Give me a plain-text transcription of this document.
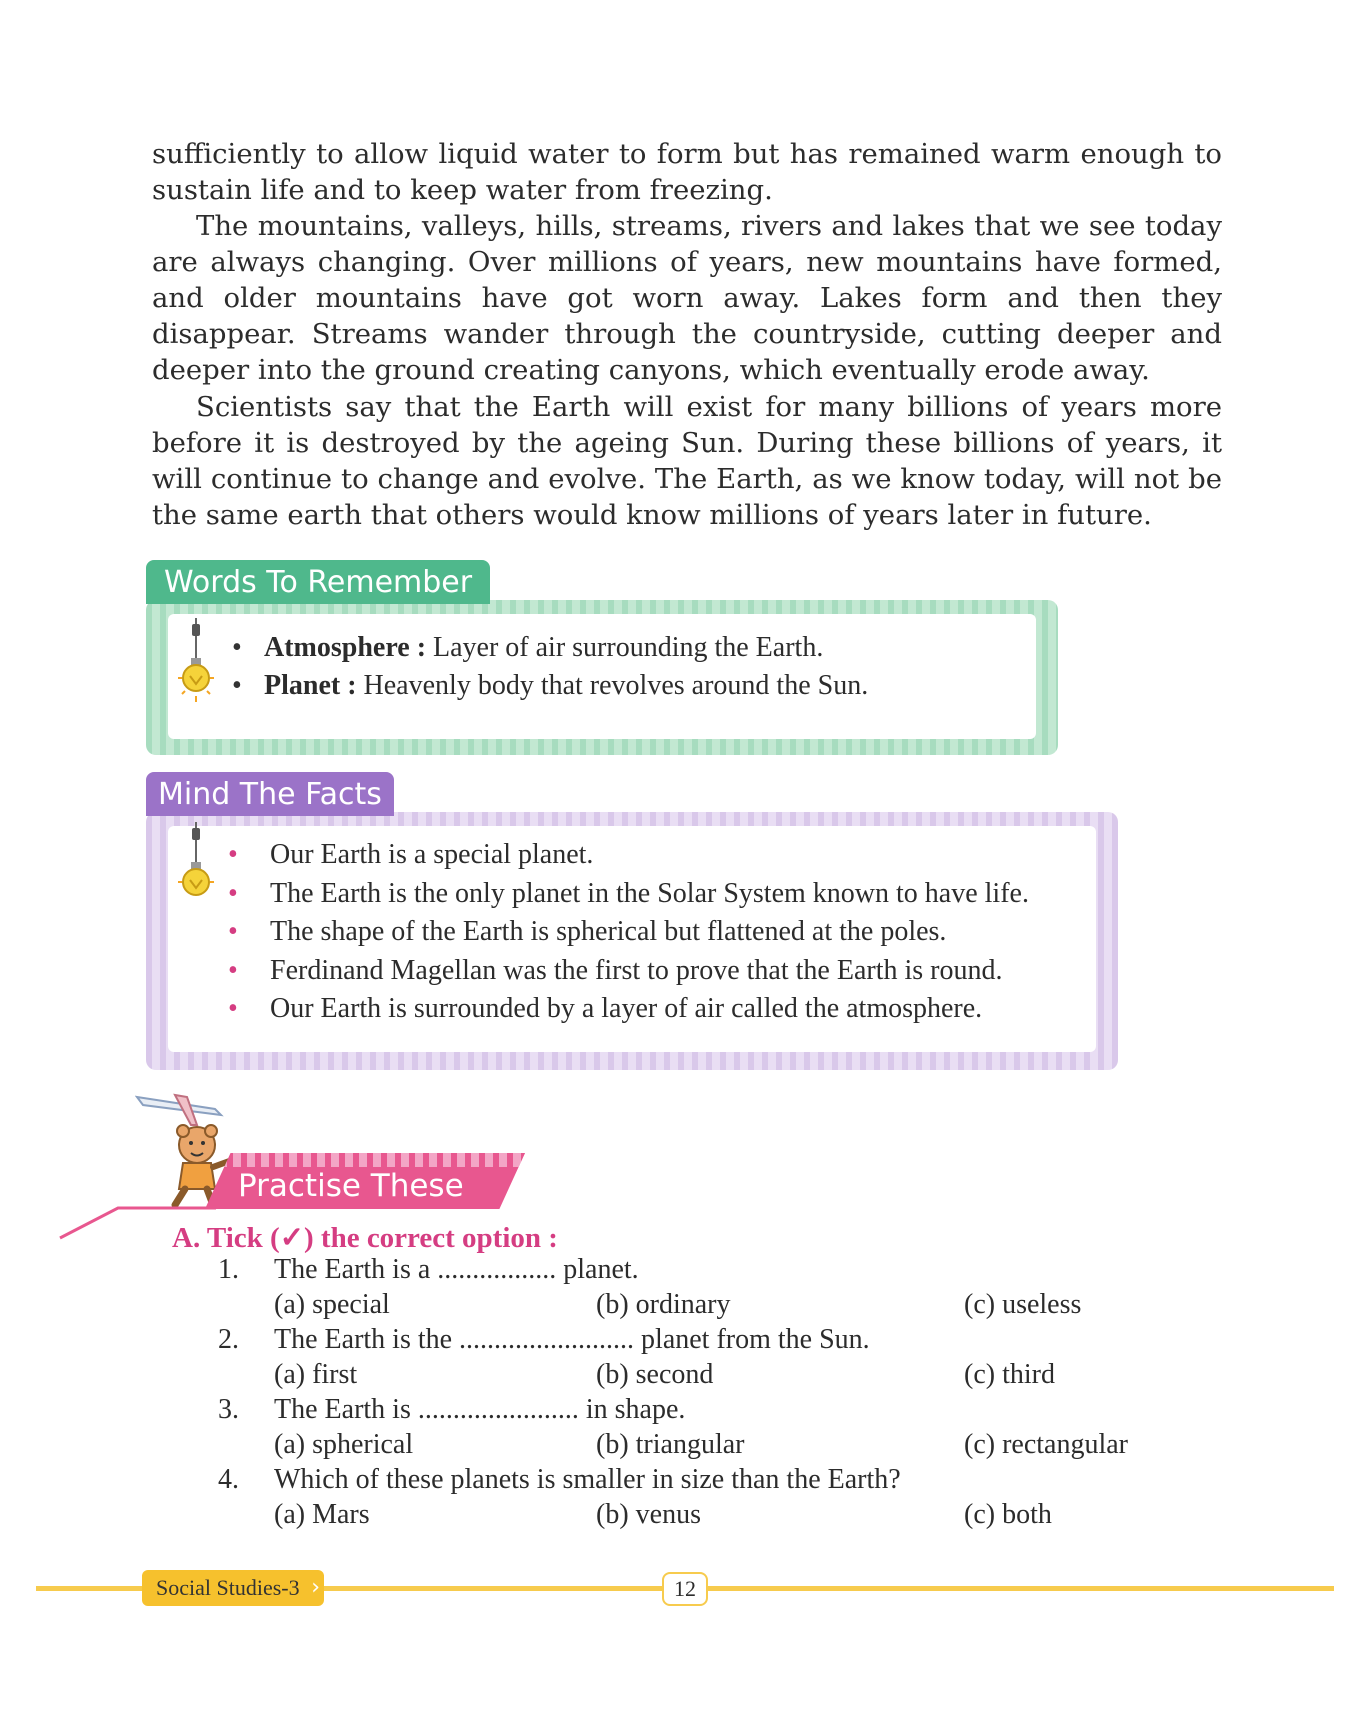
sufficiently to allow liquid water to form but has remained warm enough to sustain life and to keep water from freezing.

The mountains, valleys, hills, streams, rivers and lakes that we see today are always changing. Over millions of years, new mountains have formed, and older mountains have got worn away. Lakes form and then they disappear. Streams wander through the countryside, cutting deeper and deeper into the ground creating canyons, which eventually erode away.

Scientists say that the Earth will exist for many billions of years more before it is destroyed by the ageing Sun. During these billions of years, it will continue to change and evolve. The Earth, as we know today, will not be the same earth that others would know millions of years later in future.

Words To Remember
• Atmosphere : Layer of air surrounding the Earth.
• Planet : Heavenly body that revolves around the Sun.
Mind The Facts
• Our Earth is a special planet.
• The Earth is the only planet in the Solar System known to have life.
• The shape of the Earth is spherical but flattened at the poles.
• Ferdinand Magellan was the first to prove that the Earth is round.
• Our Earth is surrounded by a layer of air called the atmosphere.
Practise These
A. Tick (✓) the correct option :
1. The Earth is a ................. planet.
(a) special	(b) ordinary	(c) useless
2. The Earth is the ......................... planet from the Sun.
(a) first	(b) second	(c) third
3. The Earth is ....................... in shape.
(a) spherical	(b) triangular	(c) rectangular
4. Which of these planets is smaller in size than the Earth?
(a) Mars	(b) venus	(c) both
Social Studies-3 ›	12
